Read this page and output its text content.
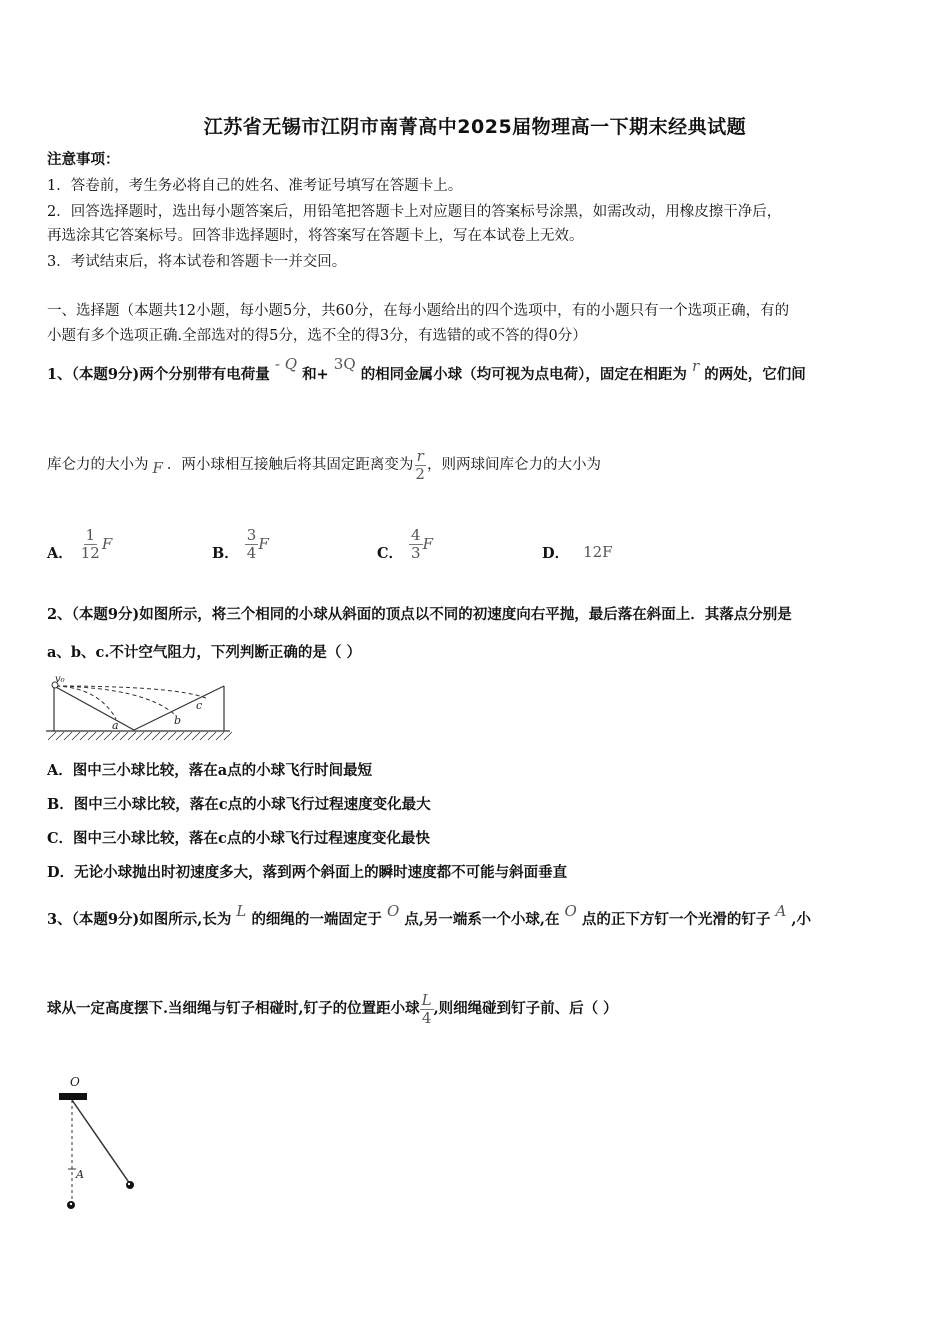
江苏省无锡市江阴市南菁高中2025届物理高一下期末经典试题
注意事项：
1．答卷前，考生务必将自己的姓名、准考证号填写在答题卡上。
2．回答选择题时，选出每小题答案后，用铅笔把答题卡上对应题目的答案标号涂黑，如需改动，用橡皮擦干净后，
再选涂其它答案标号。回答非选择题时，将答案写在答题卡上，写在本试卷上无效。
3．考试结束后，将本试卷和答题卡一并交回。
一、选择题（本题共12小题，每小题5分，共60分，在每小题给出的四个选项中，有的小题只有一个选项正确，有的
小题有多个选项正确.全部选对的得5分，选不全的得3分，有选错的或不答的得0分）
1、（本题9分)两个分别带有电荷量 - Q 和+ 3Q 的相同金属小球（均可视为点电荷），固定在相距为 r 的两处，它们间
库仑力的大小为 F ．两小球相互接触后将其固定距离变为 $\frac{r}{2}$ ，则两球间库仑力的大小为
A． $\frac{1}{12}$ F	B． $\frac{3}{4}$ F	C． $\frac{4}{3}$ F	D． 12F
2、（本题9分)如图所示，将三个相同的小球从斜面的顶点以不同的初速度向右平抛，最后落在斜面上．其落点分别是
a、b、c.不计空气阻力，下列判断正确的是（ ）
v₀
a	b
c
A．图中三小球比较，落在a点的小球飞行时间最短
B．图中三小球比较，落在c点的小球飞行过程速度变化最大
C．图中三小球比较，落在c点的小球飞行过程速度变化最快
D．无论小球抛出时初速度多大，落到两个斜面上的瞬时速度都不可能与斜面垂直
3、（本题9分)如图所示,长为 L 的细绳的一端固定于 O 点,另一端系一个小球,在 O 点的正下方钉一个光滑的钉子 A ,小
球从一定高度摆下.当细绳与钉子相碰时,钉子的位置距小球 $\frac{L}{4}$ ,则细绳碰到钉子前、后（ ）
O
A
